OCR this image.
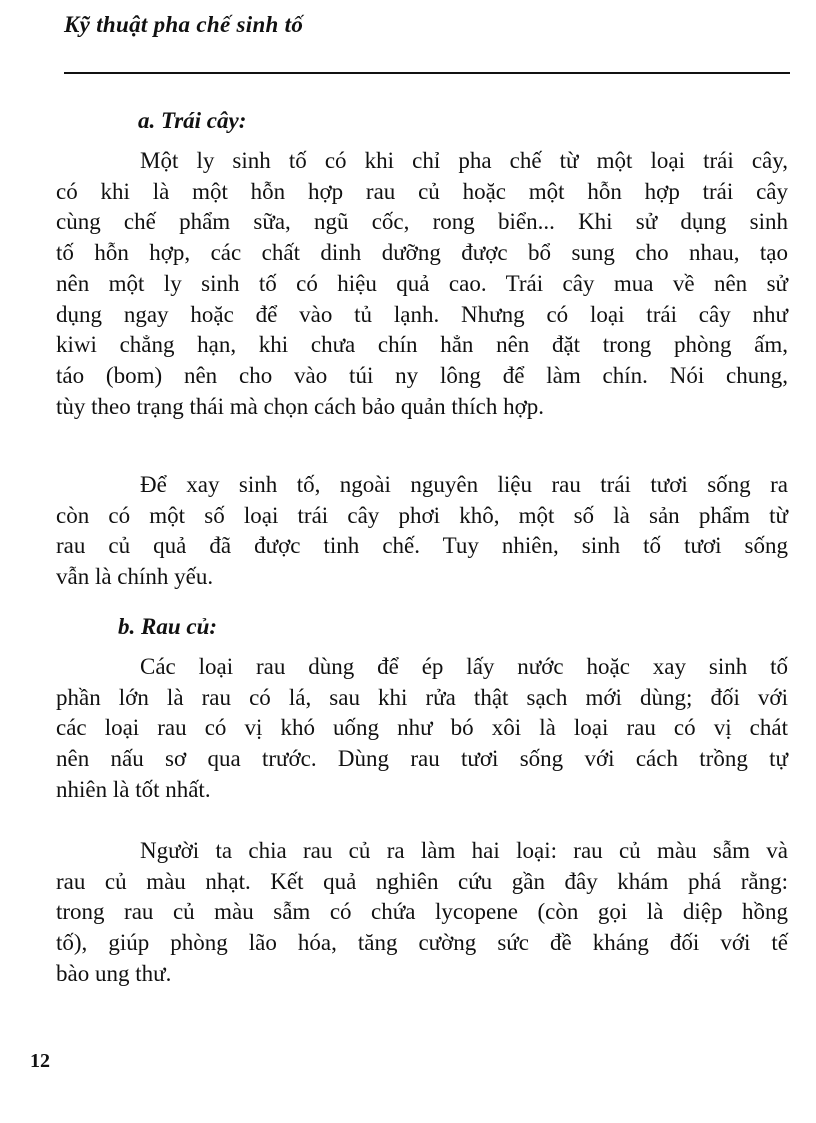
Kỹ thuật pha chế sinh tố
a. Trái cây:

Một ly sinh tố có khi chỉ pha chế từ một loại trái cây,
có khi là một hỗn hợp rau củ hoặc một hỗn hợp trái cây
cùng chế phẩm sữa, ngũ cốc, rong biển... Khi sử dụng sinh
tố hỗn hợp, các chất dinh dưỡng được bổ sung cho nhau, tạo
nên một ly sinh tố có hiệu quả cao. Trái cây mua về nên sử
dụng ngay hoặc để vào tủ lạnh. Nhưng có loại trái cây như
kiwi chẳng hạn, khi chưa chín hẳn nên đặt trong phòng ấm,
táo (bom) nên cho vào túi ny lông để làm chín. Nói chung,
tùy theo trạng thái mà chọn cách bảo quản thích hợp.

Để xay sinh tố, ngoài nguyên liệu rau trái tươi sống ra
còn có một số loại trái cây phơi khô, một số là sản phẩm từ
rau củ quả đã được tinh chế. Tuy nhiên, sinh tố tươi sống
vẫn là chính yếu.

b. Rau củ:

Các loại rau dùng để ép lấy nước hoặc xay sinh tố
phần lớn là rau có lá, sau khi rửa thật sạch mới dùng; đối với
các loại rau có vị khó uống như bó xôi là loại rau có vị chát
nên nấu sơ qua trước. Dùng rau tươi sống với cách trồng tự
nhiên là tốt nhất.

Người ta chia rau củ ra làm hai loại: rau củ màu sẫm và
rau củ màu nhạt. Kết quả nghiên cứu gần đây khám phá rằng:
trong rau củ màu sẫm có chứa lycopene (còn gọi là diệp hồng
tố), giúp phòng lão hóa, tăng cường sức đề kháng đối với tế
bào ung thư.

12
